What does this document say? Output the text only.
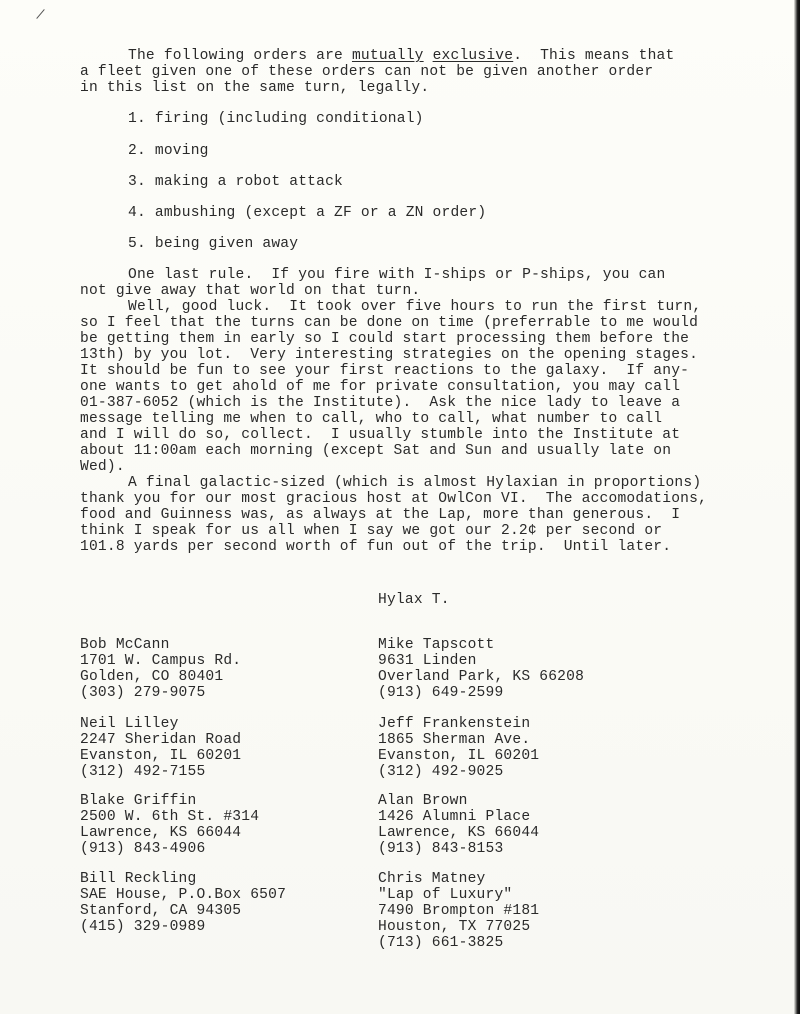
The following orders are mutually exclusive.  This means that
a fleet given one of these orders can not be given another order
in this list on the same turn, legally.
1. firing (including conditional)
2. moving
3. making a robot attack
4. ambushing (except a ZF or a ZN order)
5. being given away
One last rule.  If you fire with I-ships or P-ships, you can
not give away that world on that turn.
Well, good luck.  It took over five hours to run the first turn,
so I feel that the turns can be done on time (preferrable to me would
be getting them in early so I could start processing them before the
13th) by you lot.  Very interesting strategies on the opening stages.
It should be fun to see your first reactions to the galaxy.  If any-
one wants to get ahold of me for private consultation, you may call
01-387-6052 (which is the Institute).  Ask the nice lady to leave a
message telling me when to call, who to call, what number to call
and I will do so, collect.  I usually stumble into the Institute at
about 11:00am each morning (except Sat and Sun and usually late on
Wed).
A final galactic-sized (which is almost Hylaxian in proportions)
thank you for our most gracious host at OwlCon VI.  The accomodations,
food and Guinness was, as always at the Lap, more than generous.  I
think I speak for us all when I say we got our 2.2¢ per second or
101.8 yards per second worth of fun out of the trip.  Until later.
Hylax T.
Bob McCann
1701 W. Campus Rd.
Golden, CO 80401
(303) 279-9075
Neil Lilley
2247 Sheridan Road
Evanston, IL 60201
(312) 492-7155
Blake Griffin
2500 W. 6th St. #314
Lawrence, KS 66044
(913) 843-4906
Bill Reckling
SAE House, P.O.Box 6507
Stanford, CA 94305
(415) 329-0989
Mike Tapscott
9631 Linden
Overland Park, KS 66208
(913) 649-2599
Jeff Frankenstein
1865 Sherman Ave.
Evanston, IL 60201
(312) 492-9025
Alan Brown
1426 Alumni Place
Lawrence, KS 66044
(913) 843-8153
Chris Matney
"Lap of Luxury"
7490 Brompton #181
Houston, TX 77025
(713) 661-3825
